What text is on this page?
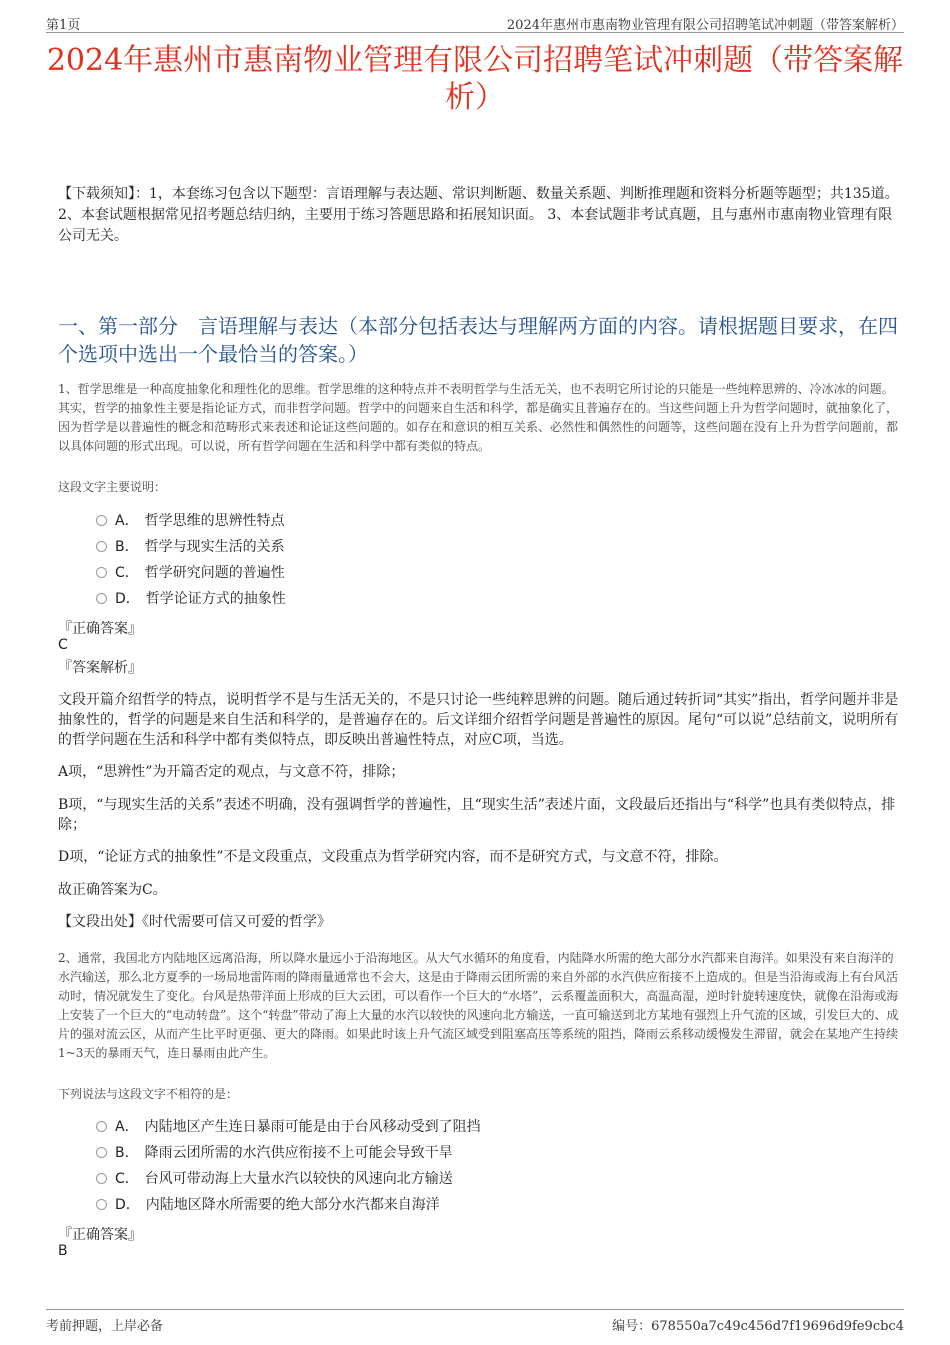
第1页	2024年惠州市惠南物业管理有限公司招聘笔试冲刺题（带答案解析）
2024年惠州市惠南物业管理有限公司招聘笔试冲刺题（带答案解析）
【下载须知】：1，本套练习包含以下题型：言语理解与表达题、常识判断题、数量关系题、判断推理题和资料分析题等题型；共135道。 2、本套试题根据常见招考题总结归纳，主要用于练习答题思路和拓展知识面。 3、本套试题非考试真题，且与惠州市惠南物业管理有限公司无关。
一、第一部分　言语理解与表达（本部分包括表达与理解两方面的内容。请根据题目要求，在四个选项中选出一个最恰当的答案。）
1、哲学思维是一种高度抽象化和理性化的思维。哲学思维的这种特点并不表明哲学与生活无关，也不表明它所讨论的只能是一些纯粹思辨的、冷冰冰的问题。其实，哲学的抽象性主要是指论证方式，而非哲学问题。哲学中的问题来自生活和科学，都是确实且普遍存在的。当这些问题上升为哲学问题时，就抽象化了，因为哲学是以普遍性的概念和范畴形式来表述和论证这些问题的。如存在和意识的相互关系、必然性和偶然性的问题等，这些问题在没有上升为哲学问题前，都以具体问题的形式出现。可以说，所有哲学问题在生活和科学中都有类似的特点。
这段文字主要说明：
A． 哲学思维的思辨性特点
B． 哲学与现实生活的关系
C． 哲学研究问题的普遍性
D． 哲学论证方式的抽象性
『正确答案』
C
『答案解析』
文段开篇介绍哲学的特点，说明哲学不是与生活无关的，不是只讨论一些纯粹思辨的问题。随后通过转折词“其实”指出，哲学问题并非是抽象性的，哲学的问题是来自生活和科学的，是普遍存在的。后文详细介绍哲学问题是普遍性的原因。尾句“可以说”总结前文，说明所有的哲学问题在生活和科学中都有类似特点，即反映出普遍性特点，对应C项，当选。
A项，“思辨性”为开篇否定的观点，与文意不符，排除；
B项，“与现实生活的关系”表述不明确，没有强调哲学的普遍性，且“现实生活”表述片面，文段最后还指出与“科学”也具有类似特点，排除；
D项，“论证方式的抽象性”不是文段重点，文段重点为哲学研究内容，而不是研究方式，与文意不符，排除。
故正确答案为C。
【文段出处】《时代需要可信又可爱的哲学》
2、通常，我国北方内陆地区远离沿海，所以降水量远小于沿海地区。从大气水循环的角度看，内陆降水所需的绝大部分水汽都来自海洋。如果没有来自海洋的水汽输送，那么北方夏季的一场局地雷阵雨的降雨量通常也不会大，这是由于降雨云团所需的来自外部的水汽供应衔接不上造成的。但是当沿海或海上有台风活动时，情况就发生了变化。台风是热带洋面上形成的巨大云团，可以看作一个巨大的“水塔”，云系覆盖面积大，高温高湿，逆时针旋转速度快，就像在沿海或海上安装了一个巨大的“电动转盘”。这个“转盘”带动了海上大量的水汽以较快的风速向北方输送，一直可输送到北方某地有强烈上升气流的区域，引发巨大的、成片的强对流云区，从而产生比平时更强、更大的降雨。如果此时该上升气流区域受到阻塞高压等系统的阻挡，降雨云系移动缓慢发生滞留，就会在某地产生持续1~3天的暴雨天气，连日暴雨由此产生。
下列说法与这段文字不相符的是：
A． 内陆地区产生连日暴雨可能是由于台风移动受到了阻挡
B． 降雨云团所需的水汽供应衔接不上可能会导致干旱
C． 台风可带动海上大量水汽以较快的风速向北方输送
D． 内陆地区降水所需要的绝大部分水汽都来自海洋
『正确答案』
B
考前押题，上岸必备	编号：678550a7c49c456d7f19696d9fe9cbc4
